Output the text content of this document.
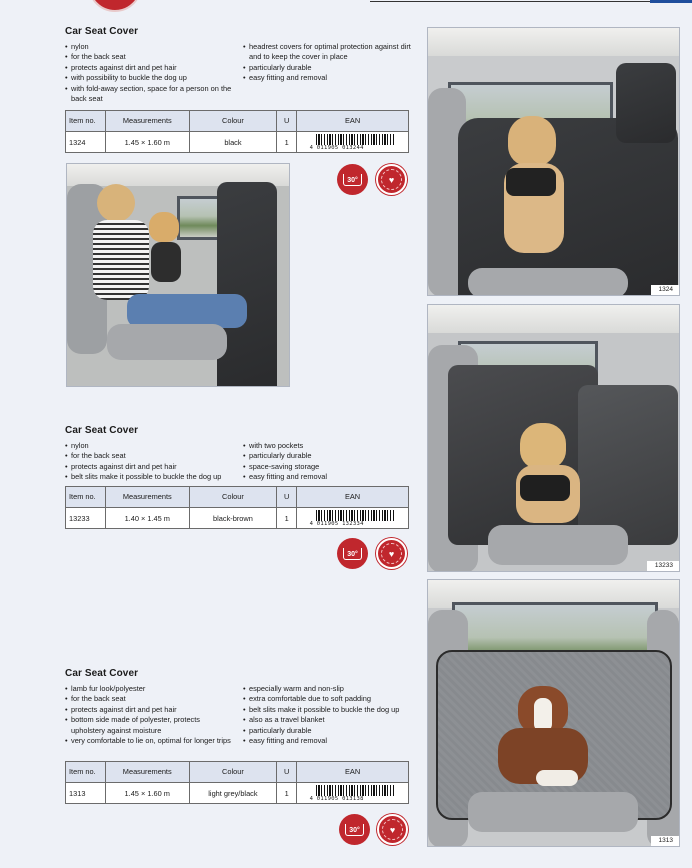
Car Seat Cover
• nylon
• for the back seat
• protects against dirt and pet hair
• with possibility to buckle the dog up
• with fold-away section, space for a person on the back seat
• headrest covers for optimal protection against dirt and to keep the cover in place
• particularly durable
• easy fitting and removal
Item no.	Measurements	Colour	U	EAN
1324	1.45 × 1.60 m	black	1	4 011905 013244
30°	♥
1324
Car Seat Cover
• nylon
• for the back seat
• protects against dirt and pet hair
• belt slits make it possible to buckle the dog up
• with two pockets
• particularly durable
• space-saving storage
• easy fitting and removal
Item no.	Measurements	Colour	U	EAN
13233	1.40 × 1.45 m	black-brown	1	4 011905 132334
30°	♥
13233
Car Seat Cover
• lamb fur look/polyester
• for the back seat
• protects against dirt and pet hair
• bottom side made of polyester, protects upholstery against moisture
• very comfortable to lie on, optimal for longer trips
• especially warm and non-slip
• extra comfortable due to soft padding
• belt slits make it possible to buckle the dog up
• also as a travel blanket
• particularly durable
• easy fitting and removal
Item no.	Measurements	Colour	U	EAN
1313	1.45 × 1.60 m	light grey/black	1	4 011905 013138
30°	♥
1313
